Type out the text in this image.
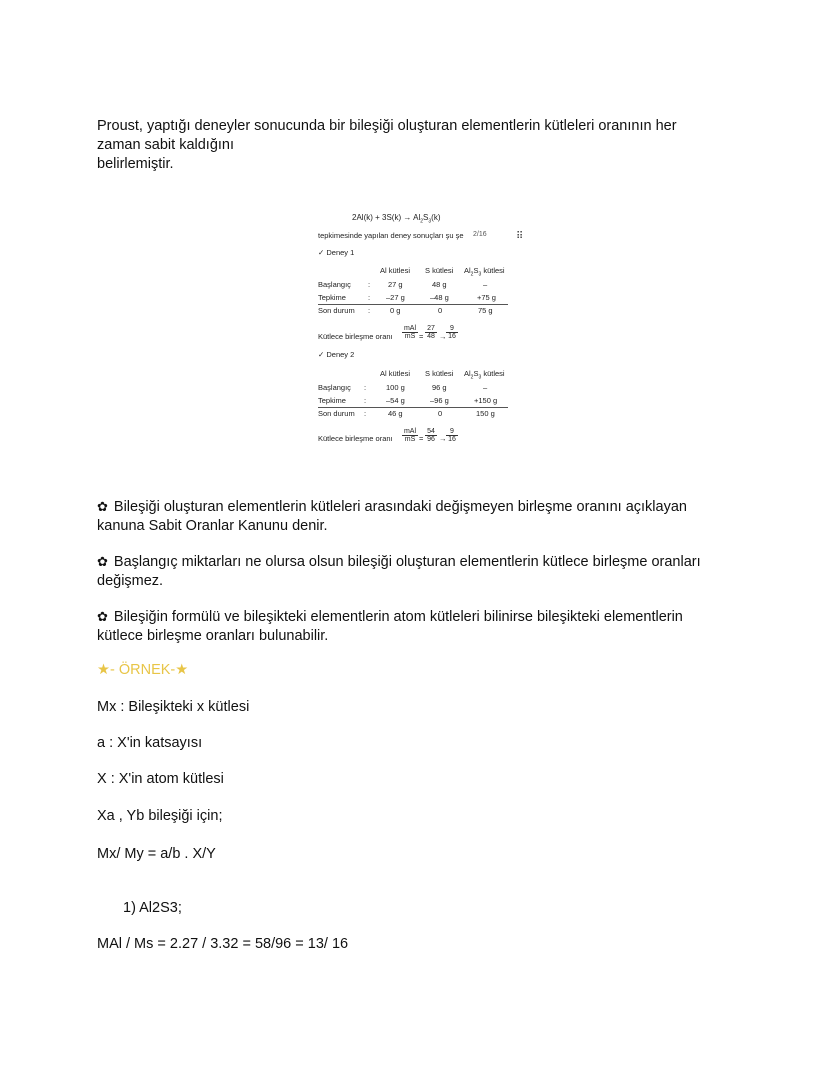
Proust, yaptığı deneyler sonucunda bir bileşiği oluşturan elementlerin kütleleri oranının her
zaman sabit kaldığını
belirlemiştir.
$2Al(k) + 3S(k) \to Al_2S_3(k)$
tepkimesinde yapılan deney sonuçları şu şe 2/16	⠿
✓ Deney 1
Al kütlesi S kütlesi $Al_2S_3$ kütlesi
Başlangıç : 27 g	48 g	–
Tepkime	: –27 g	–48 g	+75 g
Son durum :	0 g	0	75 g
Kütlece birleşme oranı
mAl
mS =
27
48 →
9
16
✓ Deney 2
Al kütlesi S kütlesi $Al_2S_3$ kütlesi
Başlangıç :	100 g	96 g	–
Tepkime :	–54 g	–96 g	+150 g
Son durum :	46 g	0	150 g
Kütlece birleşme oranı
mAl
mS =
54
96 →
9
16
✿ Bileşiği oluşturan elementlerin kütleleri arasındaki değişmeyen birleşme oranını açıklayan
kanuna Sabit Oranlar Kanunu denir.
✿ Başlangıç miktarları ne olursa olsun bileşiği oluşturan elementlerin kütlece birleşme oranları
değişmez.
✿ Bileşiğin formülü ve bileşikteki elementlerin atom kütleleri bilinirse bileşikteki elementlerin
kütlece birleşme oranları bulunabilir.
★- ÖRNEK-★
Mx : Bileşikteki x kütlesi
a : X'in katsayısı
X : X'in atom kütlesi
Xa , Yb bileşiği için;
Mx/ My = a/b . X/Y
1) Al2S3;
MAl / Ms = 2.27 / 3.32 = 58/96 = 13/ 16
